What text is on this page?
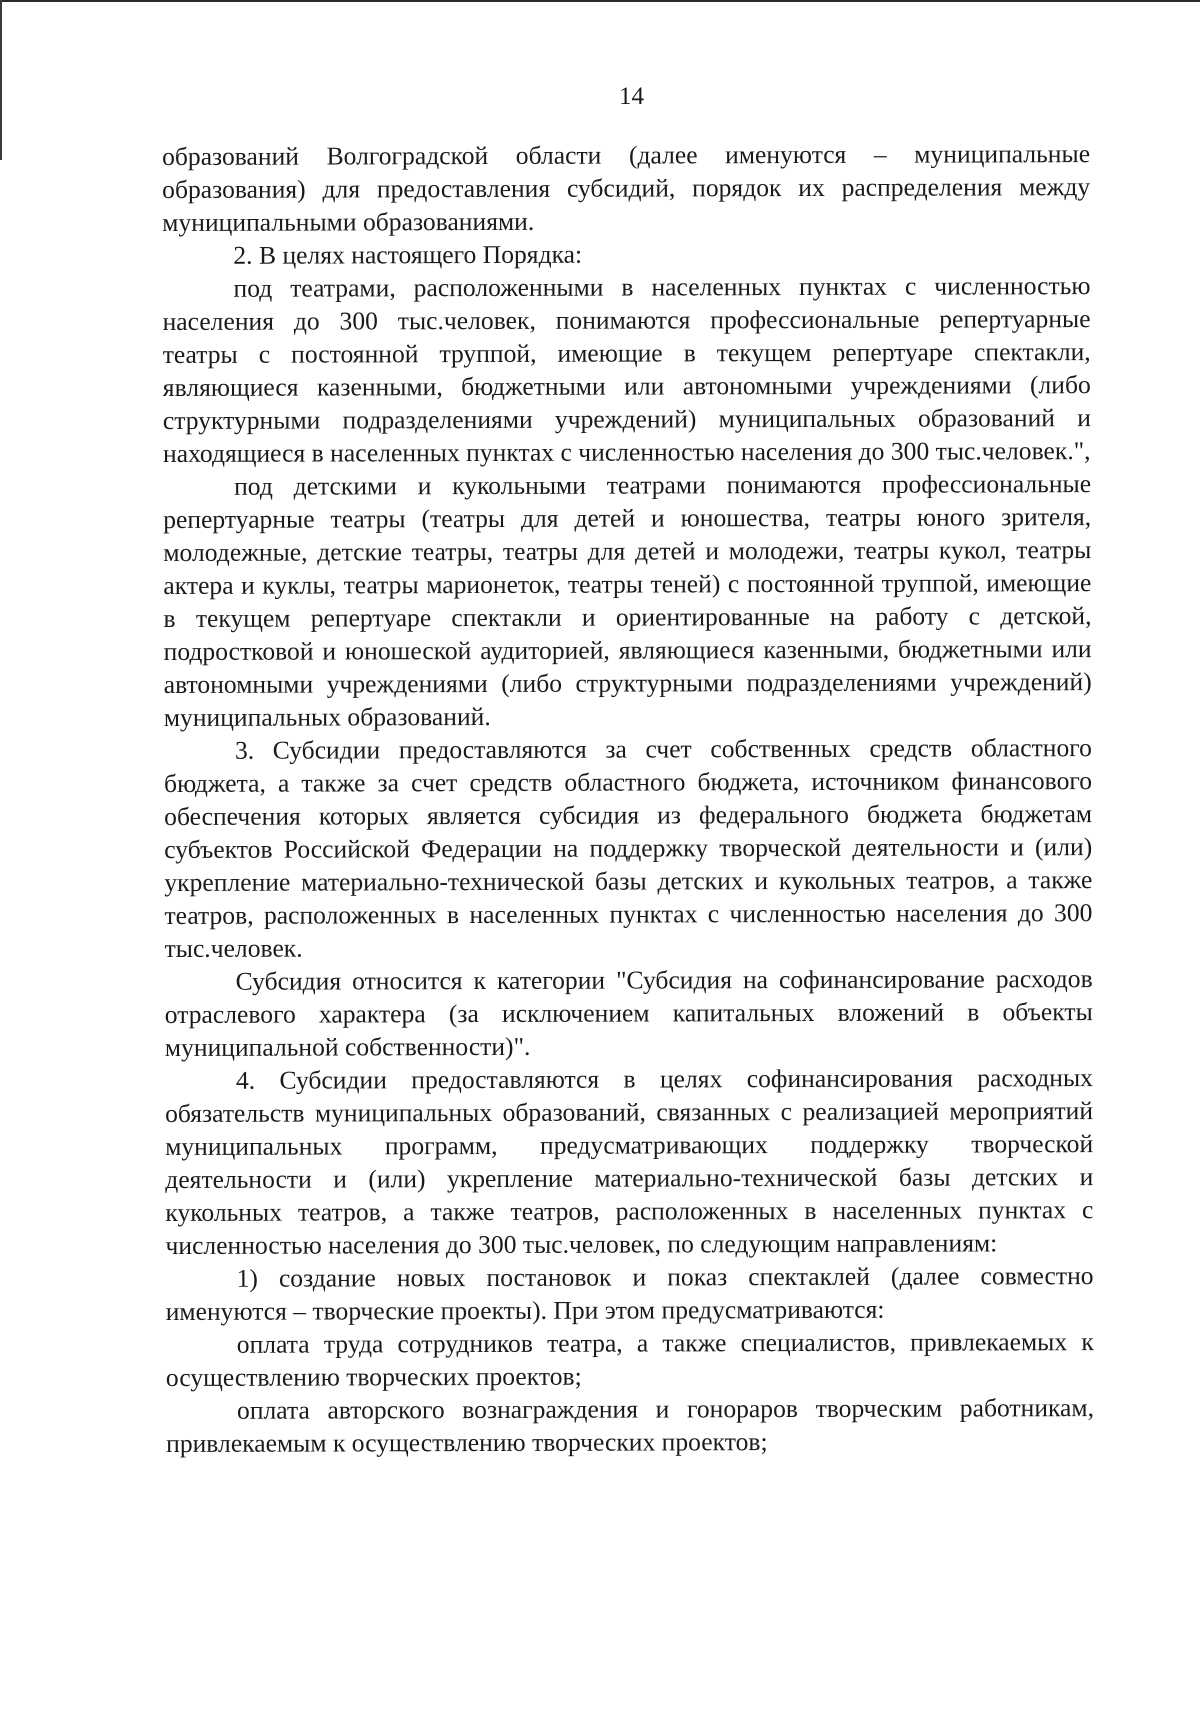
14

образований Волгоградской области (далее именуются – муниципальные образования) для предоставления субсидий, порядок их распределения между муниципальными образованиями.

2. В целях настоящего Порядка:

под театрами, расположенными в населенных пунктах с численностью населения до 300 тыс.человек, понимаются профессиональные репертуарные театры с постоянной труппой, имеющие в текущем репертуаре спектакли, являющиеся казенными, бюджетными или автономными учреждениями (либо структурными подразделениями учреждений) муниципальных образований и находящиеся в населенных пунктах с численностью населения до 300 тыс.человек.",

под детскими и кукольными театрами понимаются профессиональные репертуарные театры (театры для детей и юношества, театры юного зрителя, молодежные, детские театры, театры для детей и молодежи, театры кукол, театры актера и куклы, театры марионеток, театры теней) с постоянной труппой, имеющие в текущем репертуаре спектакли и ориентированные на работу с детской, подростковой и юношеской аудиторией, являющиеся казенными, бюджетными или автономными учреждениями (либо структурными подразделениями учреждений) муниципальных образований.

3. Субсидии предоставляются за счет собственных средств областного бюджета, а также за счет средств областного бюджета, источником финансового обеспечения которых является субсидия из федерального бюджета бюджетам субъектов Российской Федерации на поддержку творческой деятельности и (или) укрепление материально-технической базы детских и кукольных театров, а также театров, расположенных в населенных пунктах с численностью населения до 300 тыс.человек.

Субсидия относится к категории "Субсидия на софинансирование расходов отраслевого характера (за исключением капитальных вложений в объекты муниципальной собственности)".

4. Субсидии предоставляются в целях софинансирования расходных обязательств муниципальных образований, связанных с реализацией мероприятий муниципальных программ, предусматривающих поддержку творческой деятельности и (или) укрепление материально-технической базы детских и кукольных театров, а также театров, расположенных в населенных пунктах с численностью населения до 300 тыс.человек, по следующим направлениям:

1) создание новых постановок и показ спектаклей (далее совместно именуются – творческие проекты). При этом предусматриваются:

оплата труда сотрудников театра, а также специалистов, привлекаемых к осуществлению творческих проектов;

оплата авторского вознаграждения и гонораров творческим работникам, привлекаемым к осуществлению творческих проектов;
